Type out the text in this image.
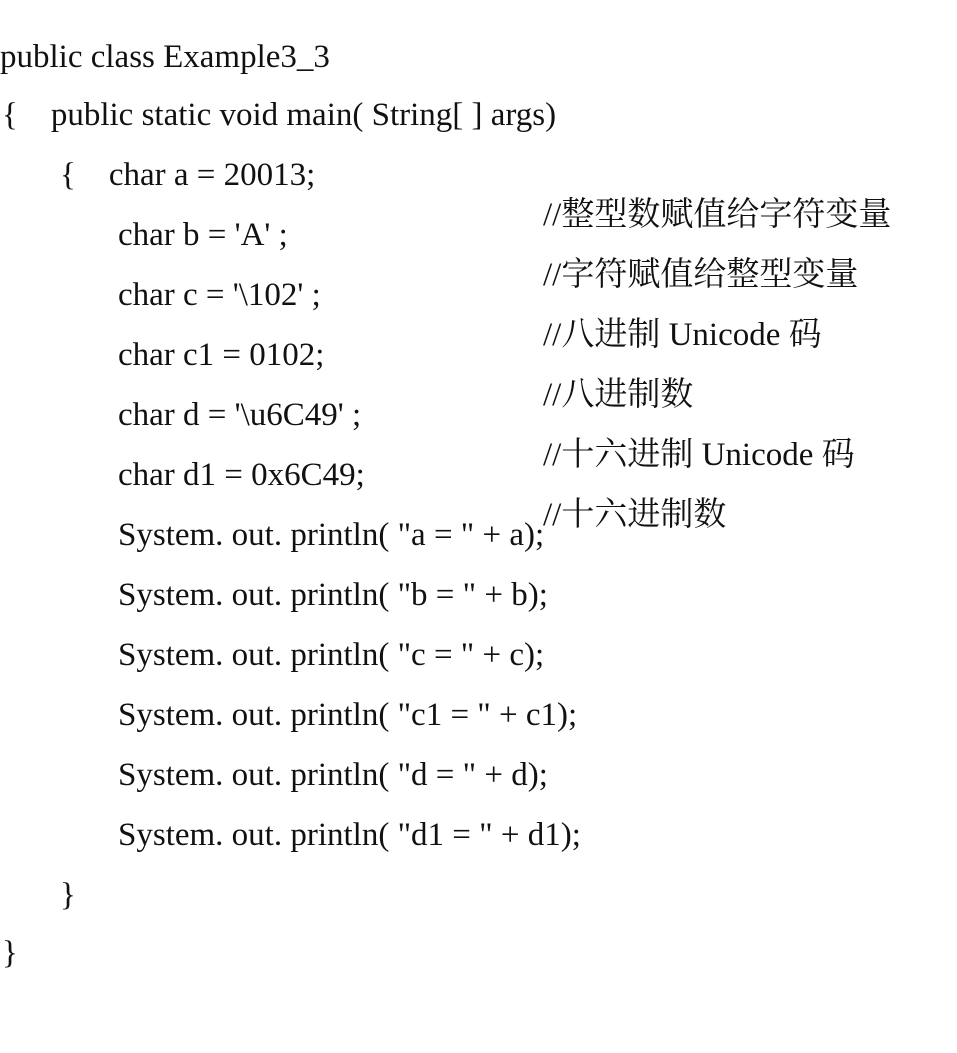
public class Example3_3

{    public static void main( String[ ] args)

{    char a = 20013;

//整型数赋值给字符变量

char b = 'A' ;

//字符赋值给整型变量

char c = '\102' ;

//八进制 Unicode 码

char c1 = 0102;

//八进制数

char d = '\u6C49' ;

//十六进制 Unicode 码

char d1 = 0x6C49;

//十六进制数

System. out. println( "a = " + a);

System. out. println( "b = " + b);

System. out. println( "c = " + c);

System. out. println( "c1 = " + c1);

System. out. println( "d = " + d);

System. out. println( "d1 = " + d1);

}

}
